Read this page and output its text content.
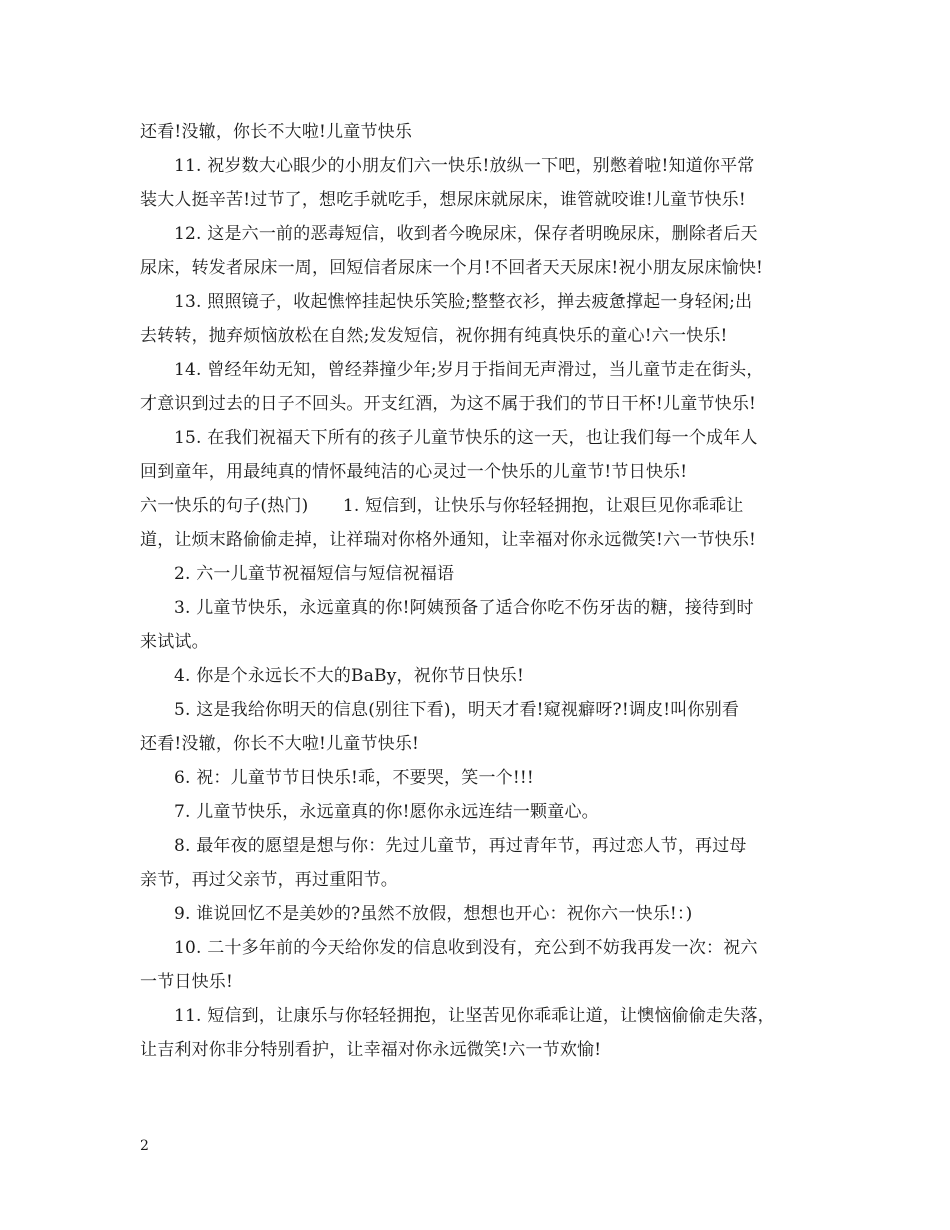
还看!没辙，你长不大啦!儿童节快乐
11. 祝岁数大心眼少的小朋友们六一快乐!放纵一下吧，别憋着啦!知道你平常
装大人挺辛苦!过节了，想吃手就吃手，想尿床就尿床，谁管就咬谁!儿童节快乐!
12. 这是六一前的恶毒短信，收到者今晚尿床，保存者明晚尿床，删除者后天
尿床，转发者尿床一周，回短信者尿床一个月!不回者天天尿床!祝小朋友尿床愉快!
13. 照照镜子，收起憔悴挂起快乐笑脸;整整衣衫，掸去疲惫撑起一身轻闲;出
去转转，抛弃烦恼放松在自然;发发短信，祝你拥有纯真快乐的童心!六一快乐!
14. 曾经年幼无知，曾经莽撞少年;岁月于指间无声滑过，当儿童节走在街头，
才意识到过去的日子不回头。开支红酒，为这不属于我们的节日干杯!儿童节快乐!
15. 在我们祝福天下所有的孩子儿童节快乐的这一天，也让我们每一个成年人
回到童年，用最纯真的情怀最纯洁的心灵过一个快乐的儿童节!节日快乐!
六一快乐的句子(热门)　　1. 短信到，让快乐与你轻轻拥抱，让艰巨见你乖乖让
道，让烦末路偷偷走掉，让祥瑞对你格外通知，让幸福对你永远微笑!六一节快乐!
2. 六一儿童节祝福短信与短信祝福语
3. 儿童节快乐，永远童真的你!阿姨预备了适合你吃不伤牙齿的糖，接待到时
来试试。
4. 你是个永远长不大的BaBy，祝你节日快乐!
5. 这是我给你明天的信息(别往下看)，明天才看!窥视癖呀?!调皮!叫你别看
还看!没辙，你长不大啦!儿童节快乐!
6. 祝：儿童节节日快乐!乖，不要哭，笑一个!!!
7. 儿童节快乐，永远童真的你!愿你永远连结一颗童心。
8. 最年夜的愿望是想与你：先过儿童节，再过青年节，再过恋人节，再过母
亲节，再过父亲节，再过重阳节。
9. 谁说回忆不是美妙的?虽然不放假，想想也开心：祝你六一快乐!：)
10. 二十多年前的今天给你发的信息收到没有，充公到不妨我再发一次：祝六
一节日快乐!
11. 短信到，让康乐与你轻轻拥抱，让坚苦见你乖乖让道，让懊恼偷偷走失落，
让吉利对你非分特别看护，让幸福对你永远微笑!六一节欢愉!
2
